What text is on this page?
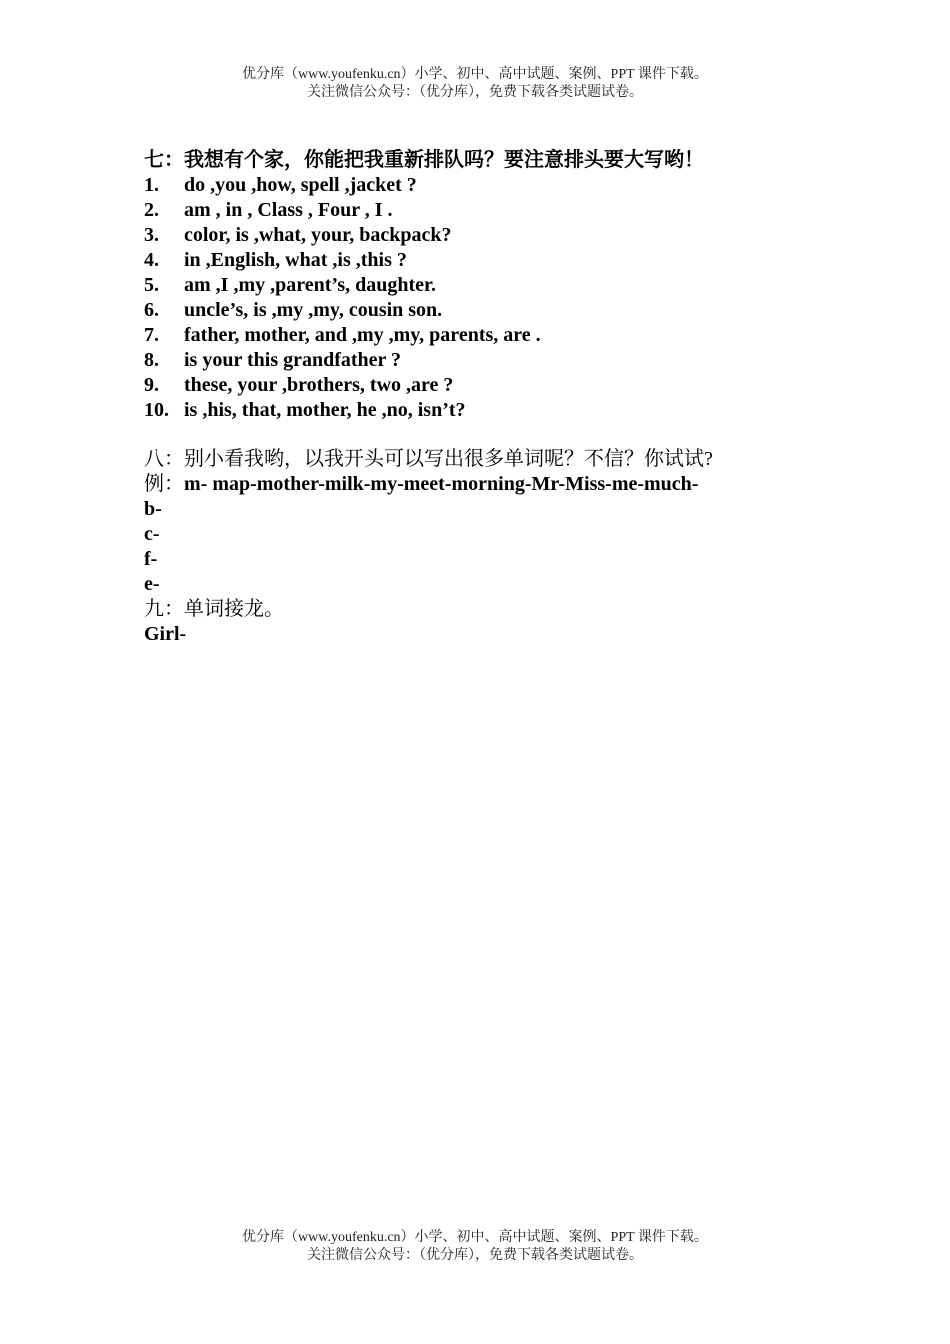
优分库（www.youfenku.cn）小学、初中、高中试题、案例、PPT 课件下载。
关注微信公众号：（优分库），免费下载各类试题试卷。
七：我想有个家，你能把我重新排队吗？要注意排头要大写哟！
1. do ,you ,how, spell ,jacket ?
2. am , in , Class , Four , I .
3. color, is ,what, your, backpack?
4. in ,English, what ,is ,this ?
5. am ,I ,my ,parent’s, daughter.
6. uncle’s, is ,my ,my, cousin son.
7. father, mother, and ,my ,my, parents, are .
8. is your this grandfather ?
9. these, your ,brothers, two ,are ?
10. is ,his, that, mother, he ,no, isn’t?
八：别小看我哟，以我开头可以写出很多单词呢？不信？你试试?
例：m- map-mother-milk-my-meet-morning-Mr-Miss-me-much-
b-
c-
f-
e-
九：单词接龙。
Girl-
优分库（www.youfenku.cn）小学、初中、高中试题、案例、PPT 课件下载。
关注微信公众号：（优分库），免费下载各类试题试卷。
